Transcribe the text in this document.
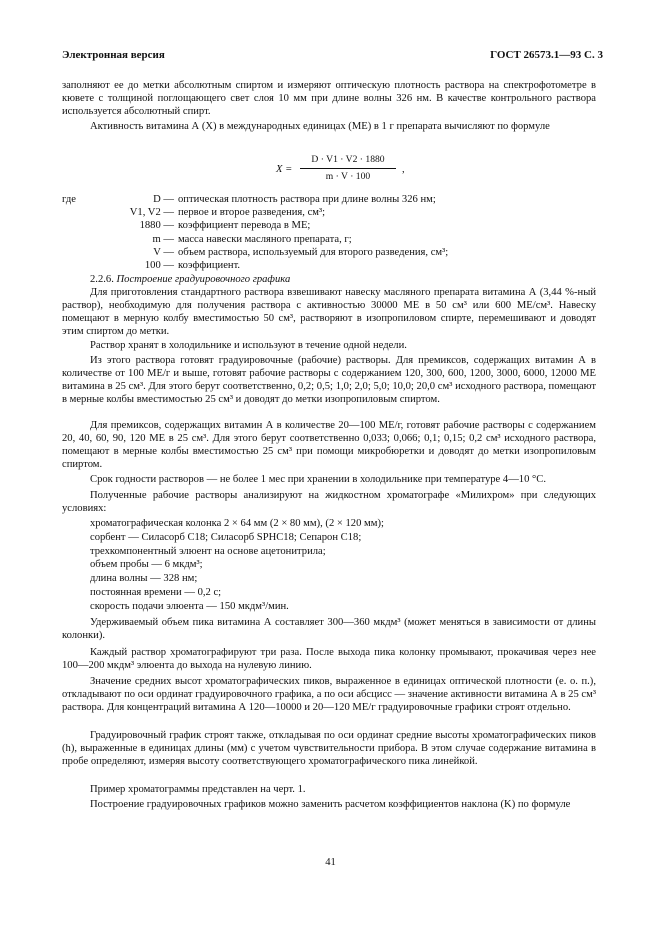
Электронная версия	ГОСТ 26573.1—93 С. 3
заполняют ее до метки абсолютным спиртом и измеряют оптическую плотность раствора на спектрофотометре в кювете с толщиной поглощающего свет слоя 10 мм при длине волны 326 нм. В качестве контрольного раствора используется абсолютный спирт.
Активность витамина А (X) в международных единицах (МЕ) в 1 г препарата вычисляют по формуле
X =
D · V1 · V2 · 1880
m · V · 100
,
где	D — оптическая плотность раствора при длине волны 326 нм;
V1, V2 — первое и второе разведения, см³;
1880 — коэффициент перевода в МЕ;
m — масса навески масляного препарата, г;
V — объем раствора, используемый для второго разведения, см³;
100 — коэффициент.
2.2.6. Построение градуировочного графика
Для приготовления стандартного раствора взвешивают навеску масляного препарата витамина А (3,44 %-ный раствор), необходимую для получения раствора с активностью 30000 МЕ в 50 см³ или 600 МЕ/см³. Навеску помещают в мерную колбу вместимостью 50 см³, растворяют в изопропиловом спирте, перемешивают и доводят этим спиртом до метки.
Раствор хранят в холодильнике и используют в течение одной недели.
Из этого раствора готовят градуировочные (рабочие) растворы. Для премиксов, содержащих витамин А в количестве от 100 МЕ/г и выше, готовят рабочие растворы с содержанием 120, 300, 600, 1200, 3000, 6000, 12000 МЕ витамина в 25 см³. Для этого берут соответственно, 0,2; 0,5; 1,0; 2,0; 5,0; 10,0; 20,0 см³ исходного раствора, помещают в мерные колбы вместимостью 25 см³ и доводят до метки изопропиловым спиртом.
Для премиксов, содержащих витамин А в количестве 20—100 МЕ/г, готовят рабочие растворы с содержанием 20, 40, 60, 90, 120 МЕ в 25 см³. Для этого берут соответственно 0,033; 0,066; 0,1; 0,15; 0,2 см³ исходного раствора, помещают в мерные колбы вместимостью 25 см³ при помощи микробюретки и доводят до метки изопропиловым спиртом.
Срок годности растворов — не более 1 мес при хранении в холодильнике при температуре 4—10 °С.
Полученные рабочие растворы анализируют на жидкостном хроматографе «Милихром» при следующих условиях:
хроматографическая колонка 2 × 64 мм (2 × 80 мм), (2 × 120 мм);
сорбент — Силасорб C18; Силасорб SPHC18; Сепарон C18;
трехкомпонентный элюент на основе ацетонитрила;
объем пробы — 6 мкдм³;
длина волны — 328 нм;
постоянная времени — 0,2 с;
скорость подачи элюента — 150 мкдм³/мин.
Удерживаемый объем пика витамина А составляет 300—360 мкдм³ (может меняться в зависимости от длины колонки).
Каждый раствор хроматографируют три раза. После выхода пика колонку промывают, прокачивая через нее 100—200 мкдм³ элюента до выхода на нулевую линию.
Значение средних высот хроматографических пиков, выраженное в единицах оптической плотности (е. о. п.), откладывают по оси ординат градуировочного графика, а по оси абсцисс — значение активности витамина А в 25 см³ раствора. Для концентраций витамина А 120—10000 и 20—120 МЕ/г градуировочные графики строят отдельно.
Градуировочный график строят также, откладывая по оси ординат средние высоты хроматографических пиков (h), выраженные в единицах длины (мм) с учетом чувствительности прибора. В этом случае содержание витамина в пробе определяют, измеряя высоту соответствующего хроматографического пика линейкой.
Пример хроматограммы представлен на черт. 1.
Построение градуировочных графиков можно заменить расчетом коэффициентов наклона (K) по формуле
41
